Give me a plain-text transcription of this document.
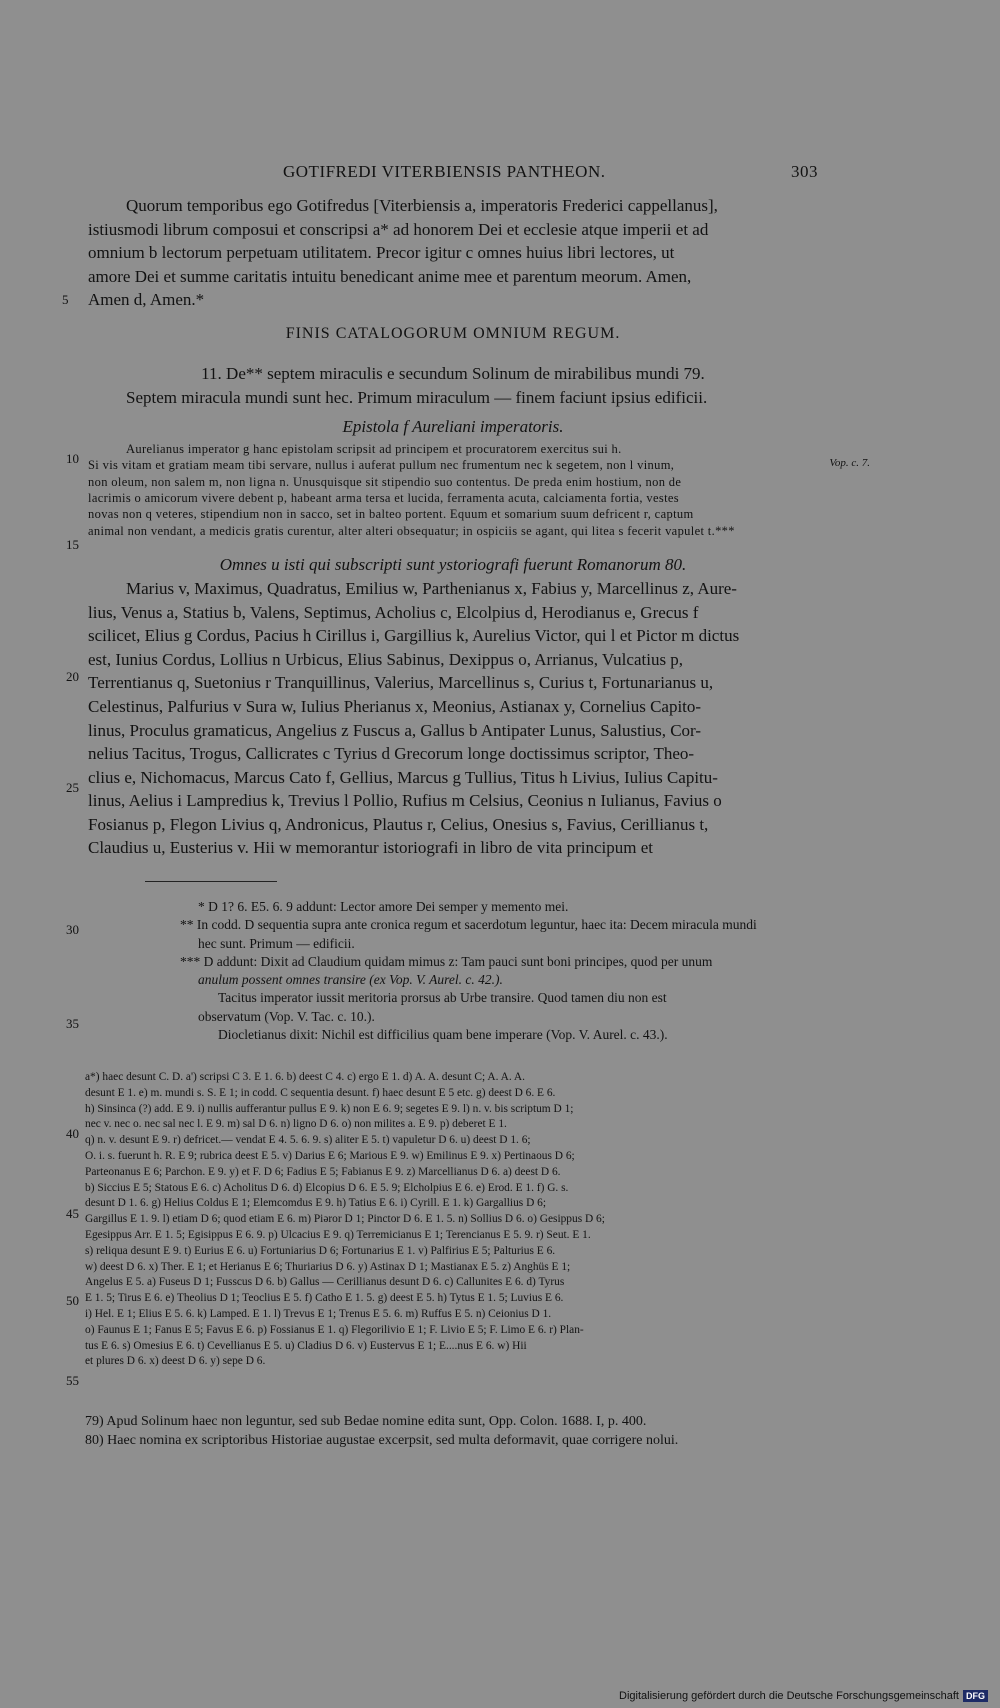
GOTIFREDI VITERBIENSIS PANTHEON.	303
5
10
15
20
25
30
35
40
45
50
55

Quorum temporibus ego Gotifredus [Viterbiensis a, imperatoris Frederici cappellanus],

istiusmodi librum composui et conscripsi a* ad honorem Dei et ecclesie atque imperii et ad

omnium b lectorum perpetuam utilitatem. Precor igitur c omnes huius libri lectores, ut

amore Dei et summe caritatis intuitu benedicant anime mee et parentum meorum. Amen,

Amen d, Amen.*

FINIS CATALOGORUM OMNIUM REGUM.

11. De** septem miraculis e secundum Solinum de mirabilibus mundi 79.

Septem miracula mundi sunt hec. Primum miraculum — finem faciunt ipsius edificii.

Epistola f Aureliani imperatoris.

Aurelianus imperator g hanc epistolam scripsit ad principem et procuratorem exercitus sui h.

Si vis vitam et gratiam meam tibi servare, nullus i auferat pullum nec frumentum nec k segetem, non l vinum,

non oleum, non salem m, non ligna n. Unusquisque sit stipendio suo contentus. De preda enim hostium, non de

lacrimis o amicorum vivere debent p, habeant arma tersa et lucida, ferramenta acuta, calciamenta fortia, vestes

novas non q veteres, stipendium non in sacco, set in balteo portent. Equum et somarium suum defricent r, captum

animal non vendant, a medicis gratis curentur, alter alteri obsequatur; in ospiciis se agant, qui litea s fecerit vapulet t.***

Omnes u isti qui subscripti sunt ystoriografi fuerunt Romanorum 80.

Marius v, Maximus, Quadratus, Emilius w, Parthenianus x, Fabius y, Marcellinus z, Aure-

lius, Venus a, Statius b, Valens, Septimus, Acholius c, Elcolpius d, Herodianus e, Grecus f

scilicet, Elius g Cordus, Pacius h Cirillus i, Gargillius k, Aurelius Victor, qui l et Pictor m dictus

est, Iunius Cordus, Lollius n Urbicus, Elius Sabinus, Dexippus o, Arrianus, Vulcatius p,

Terrentianus q, Suetonius r Tranquillinus, Valerius, Marcellinus s, Curius t, Fortunarianus u,

Celestinus, Palfurius v Sura w, Iulius Pherianus x, Meonius, Astianax y, Cornelius Capito-

linus, Proculus gramaticus, Angelius z Fuscus a, Gallus b Antipater Lunus, Salustius, Cor-

nelius Tacitus, Trogus, Callicrates c Tyrius d Grecorum longe doctissimus scriptor, Theo-

clius e, Nichomacus, Marcus Cato f, Gellius, Marcus g Tullius, Titus h Livius, Iulius Capitu-

linus, Aelius i Lampredius k, Trevius l Pollio, Rufius m Celsius, Ceonius n Iulianus, Favius o

Fosianus p, Flegon Livius q, Andronicus, Plautus r, Celius, Onesius s, Favius, Cerillianus t,

Claudius u, Eusterius v. Hii w memorantur istoriografi in libro de vita principum et

Vop. c. 7.

* D 1? 6. E5. 6. 9 addunt: Lector amore Dei semper y memento mei.

** In codd. D sequentia supra ante cronica regum et sacerdotum leguntur, haec ita: Decem miracula mundi

hec sunt. Primum — edificii.

*** D addunt: Dixit ad Claudium quidam mimus z: Tam pauci sunt boni principes, quod per unum

anulum possent omnes transire (ex Vop. V. Aurel. c. 42.).

Tacitus imperator iussit meritoria prorsus ab Urbe transire. Quod tamen diu non est

observatum (Vop. V. Tac. c. 10.).

Diocletianus dixit: Nichil est difficilius quam bene imperare (Vop. V. Aurel. c. 43.).

a*) haec desunt C. D. a') scripsi C 3. E 1. 6. b) deest C 4. c) ergo E 1. d) A. A. desunt C; A. A. A.

desunt E 1. e) m. mundi s. S. E 1; in codd. C sequentia desunt. f) haec desunt E 5 etc. g) deest D 6. E 6.

h) Sinsinca (?) add. E 9. i) nullis aufferantur pullus E 9. k) non E 6. 9; segetes E 9. l) n. v. bis scriptum D 1;

nec v. nec o. nec sal nec l. E 9. m) sal D 6. n) ligno D 6. o) non milites a. E 9. p) deberet E 1.

q) n. v. desunt E 9. r) defricet.— vendat E 4. 5. 6. 9. s) aliter E 5. t) vapuletur D 6. u) deest D 1. 6;

O. i. s. fuerunt h. R. E 9; rubrica deest E 5. v) Darius E 6; Marious E 9. w) Emilinus E 9. x) Pertinaous D 6;

Parteonanus E 6; Parchon. E 9. y) et F. D 6; Fadius E 5; Fabianus E 9. z) Marcellianus D 6. a) deest D 6.

b) Siccius E 5; Statous E 6. c) Acholitus D 6. d) Elcopius D 6. E 5. 9; Elcholpius E 6. e) Erod. E 1. f) G. s.

desunt D 1. 6. g) Helius Coldus E 1; Elemcomdus E 9. h) Tatius E 6. i) Cyrill. E 1. k) Gargallius D 6;

Gargillus E 1. 9. l) etiam D 6; quod etiam E 6. m) Piəror D 1; Pinctor D 6. E 1. 5. n) Sollius D 6. o) Gesippus D 6;

Egesippus Arr. E 1. 5; Egisippus E 6. 9. p) Ulcacius E 9. q) Terremicianus E 1; Terencianus E 5. 9. r) Seut. E 1.

s) reliqua desunt E 9. t) Eurius E 6. u) Fortuniarius D 6; Fortunarius E 1. v) Palfirius E 5; Palturius E 6.

w) deest D 6. x) Ther. E 1; et Herianus E 6; Thuriarius D 6. y) Astinax D 1; Mastianax E 5. z) Anghüs E 1;

Angelus E 5. a) Fuseus D 1; Fusscus D 6. b) Gallus — Cerillianus desunt D 6. c) Callunites E 6. d) Tyrus

E 1. 5; Tirus E 6. e) Theolius D 1; Teoclius E 5. f) Catho E 1. 5. g) deest E 5. h) Tytus E 1. 5; Luvius E 6.

i) Hel. E 1; Elius E 5. 6. k) Lamped. E 1. l) Trevus E 1; Trenus E 5. 6. m) Ruffus E 5. n) Ceionius D 1.

o) Faunus E 1; Fanus E 5; Favus E 6. p) Fossianus E 1. q) Flegorilivio E 1; F. Livio E 5; F. Limo E 6. r) Plan-

tus E 6. s) Omesius E 6. t) Cevellianus E 5. u) Cladius D 6. v) Eustervus E 1; E....nus E 6. w) Hii

et plures D 6. x) deest D 6. y) sepe D 6.

79) Apud Solinum haec non leguntur, sed sub Bedae nomine edita sunt, Opp. Colon. 1688. I, p. 400.

80) Haec nomina ex scriptoribus Historiae augustae excerpsit, sed multa deformavit, quae corrigere nolui.

Digitalisierung gefördert durch die Deutsche Forschungsgemeinschaft DFG
